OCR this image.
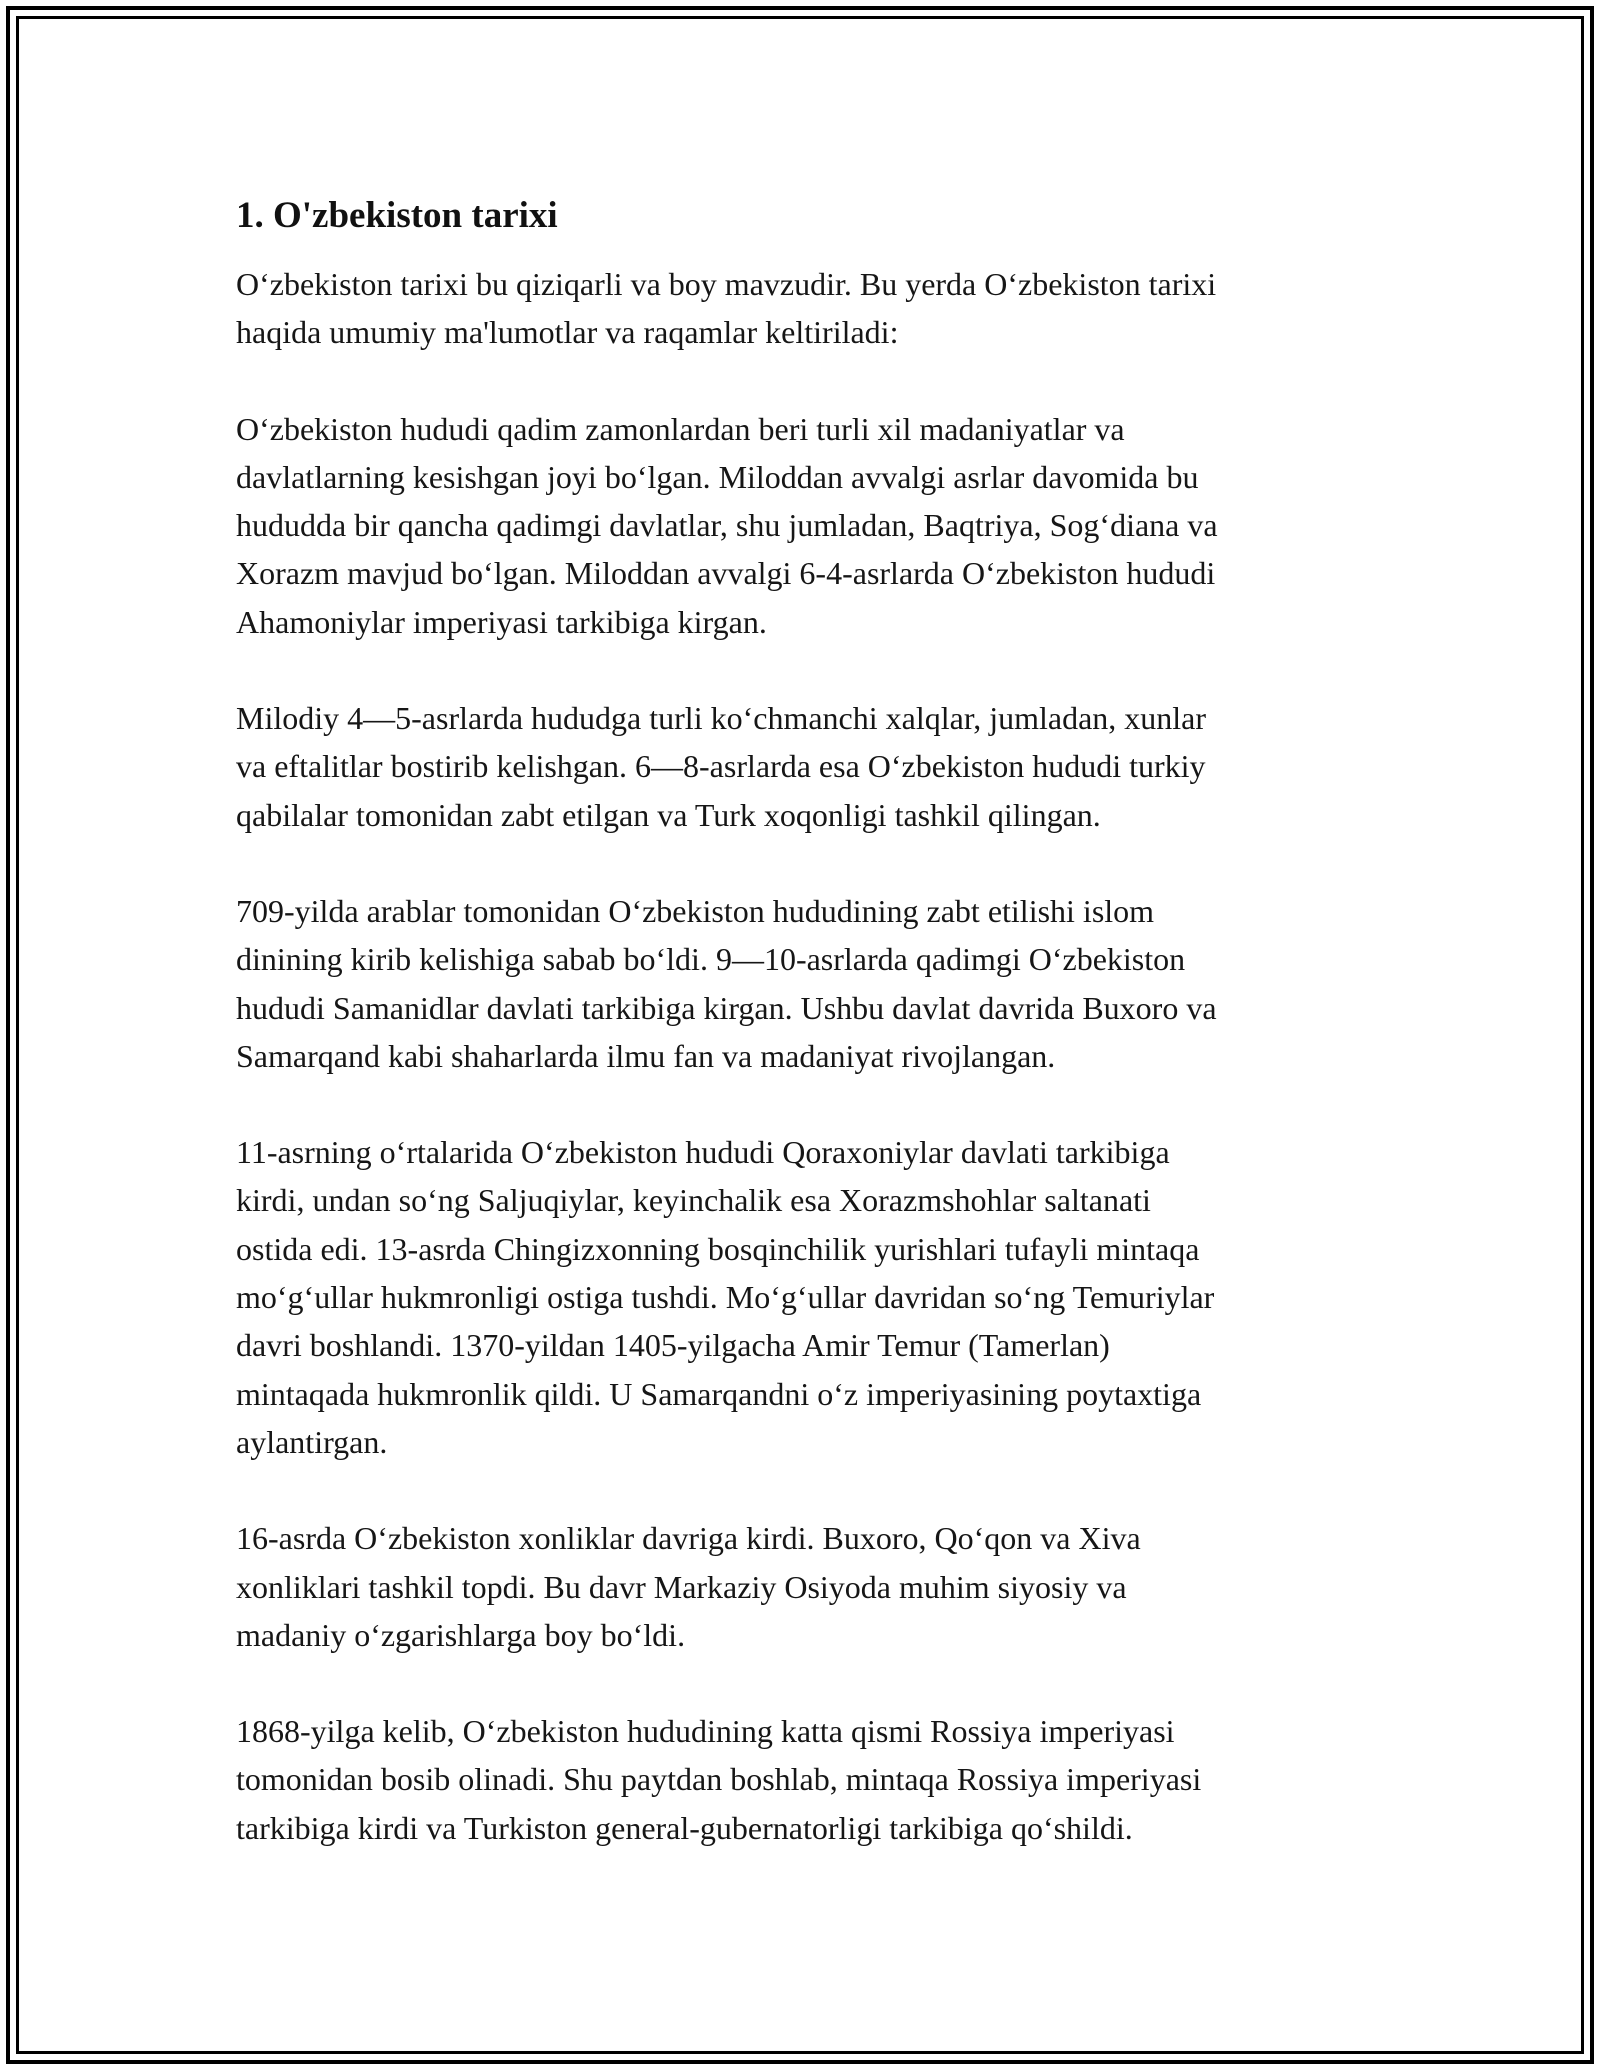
1. O'zbekiston tarixi

O‘zbekiston tarixi bu qiziqarli va boy mavzudir. Bu yerda O‘zbekiston tarixi
haqida umumiy ma'lumotlar va raqamlar keltiriladi:

O‘zbekiston hududi qadim zamonlardan beri turli xil madaniyatlar va
davlatlarning kesishgan joyi bo‘lgan. Miloddan avvalgi asrlar davomida bu
hududda bir qancha qadimgi davlatlar, shu jumladan, Baqtriya, Sog‘diana va
Xorazm mavjud bo‘lgan. Miloddan avvalgi 6-4-asrlarda O‘zbekiston hududi
Ahamoniylar imperiyasi tarkibiga kirgan.

Milodiy 4—5-asrlarda hududga turli ko‘chmanchi xalqlar, jumladan, xunlar
va eftalitlar bostirib kelishgan. 6—8-asrlarda esa O‘zbekiston hududi turkiy
qabilalar tomonidan zabt etilgan va Turk xoqonligi tashkil qilingan.

709-yilda arablar tomonidan O‘zbekiston hududining zabt etilishi islom
dinining kirib kelishiga sabab bo‘ldi. 9—10-asrlarda qadimgi O‘zbekiston
hududi Samanidlar davlati tarkibiga kirgan. Ushbu davlat davrida Buxoro va
Samarqand kabi shaharlarda ilmu fan va madaniyat rivojlangan.

11-asrning o‘rtalarida O‘zbekiston hududi Qoraxoniylar davlati tarkibiga
kirdi, undan so‘ng Saljuqiylar, keyinchalik esa Xorazmshohlar saltanati
ostida edi. 13-asrda Chingizxonning bosqinchilik yurishlari tufayli mintaqa
mo‘g‘ullar hukmronligi ostiga tushdi. Mo‘g‘ullar davridan so‘ng Temuriylar
davri boshlandi. 1370-yildan 1405-yilgacha Amir Temur (Tamerlan)
mintaqada hukmronlik qildi. U Samarqandni o‘z imperiyasining poytaxtiga
aylantirgan.

16-asrda O‘zbekiston xonliklar davriga kirdi. Buxoro, Qo‘qon va Xiva
xonliklari tashkil topdi. Bu davr Markaziy Osiyoda muhim siyosiy va
madaniy o‘zgarishlarga boy bo‘ldi.

1868-yilga kelib, O‘zbekiston hududining katta qismi Rossiya imperiyasi
tomonidan bosib olinadi. Shu paytdan boshlab, mintaqa Rossiya imperiyasi
tarkibiga kirdi va Turkiston general-gubernatorligi tarkibiga qo‘shildi.
